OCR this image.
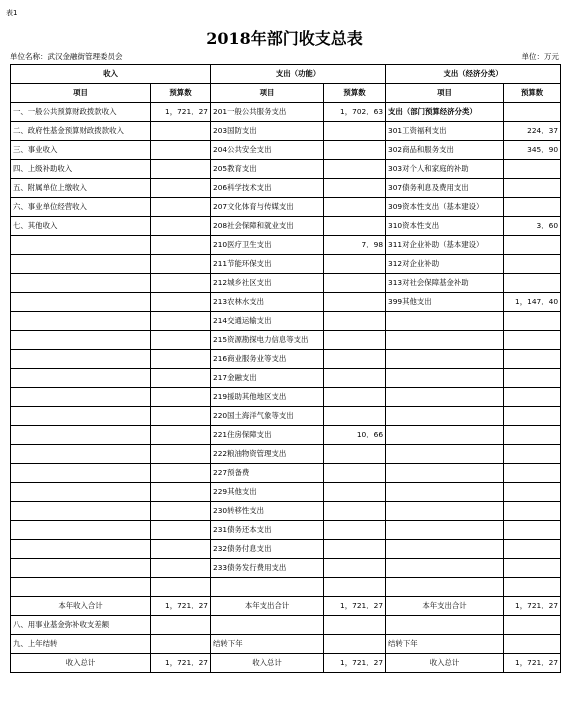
表1
2018年部门收支总表
单位名称：武汉金融街管理委员会	单位：万元
收入		支出（功能）		支出（经济分类）	
项目	预算数	项目	预算数	项目	预算数
一、一般公共预算财政拨款收入	1，721．27	201一般公共服务支出	1，702．63	支出（部门预算经济分类）	
二、政府性基金预算财政拨款收入		203国防支出		301工资福利支出	224．37
三、事业收入		204公共安全支出		302商品和服务支出	345．90
四、上级补助收入		205教育支出		303对个人和家庭的补助	
五、附属单位上缴收入		206科学技术支出		307债务利息及费用支出	
六、事业单位经营收入		207文化体育与传媒支出		309资本性支出（基本建设）	
七、其他收入		208社会保障和就业支出		310资本性支出	3．60
		210医疗卫生支出	7．98	311对企业补助（基本建设）	
		211节能环保支出		312对企业补助	
		212城乡社区支出		313对社会保障基金补助	
		213农林水支出		399其他支出	1，147．40
		214交通运输支出			
		215资源勘探电力信息等支出			
		216商业服务业等支出			
		217金融支出			
		219援助其他地区支出			
		220国土海洋气象等支出			
		221住房保障支出	10．66		
		222粮油物资管理支出			
		227预备费			
		229其他支出			
		230转移性支出			
		231债务还本支出			
		232债务付息支出			
		233债务发行费用支出			

本年收入合计	1，721．27	本年支出合计	1，721．27	本年支出合计	1，721．27
八、用事业基金弥补收支差额					
九、上年结转		结转下年		结转下年	
收入总计	1，721．27	收入总计	1，721．27	收入总计	1，721．27
